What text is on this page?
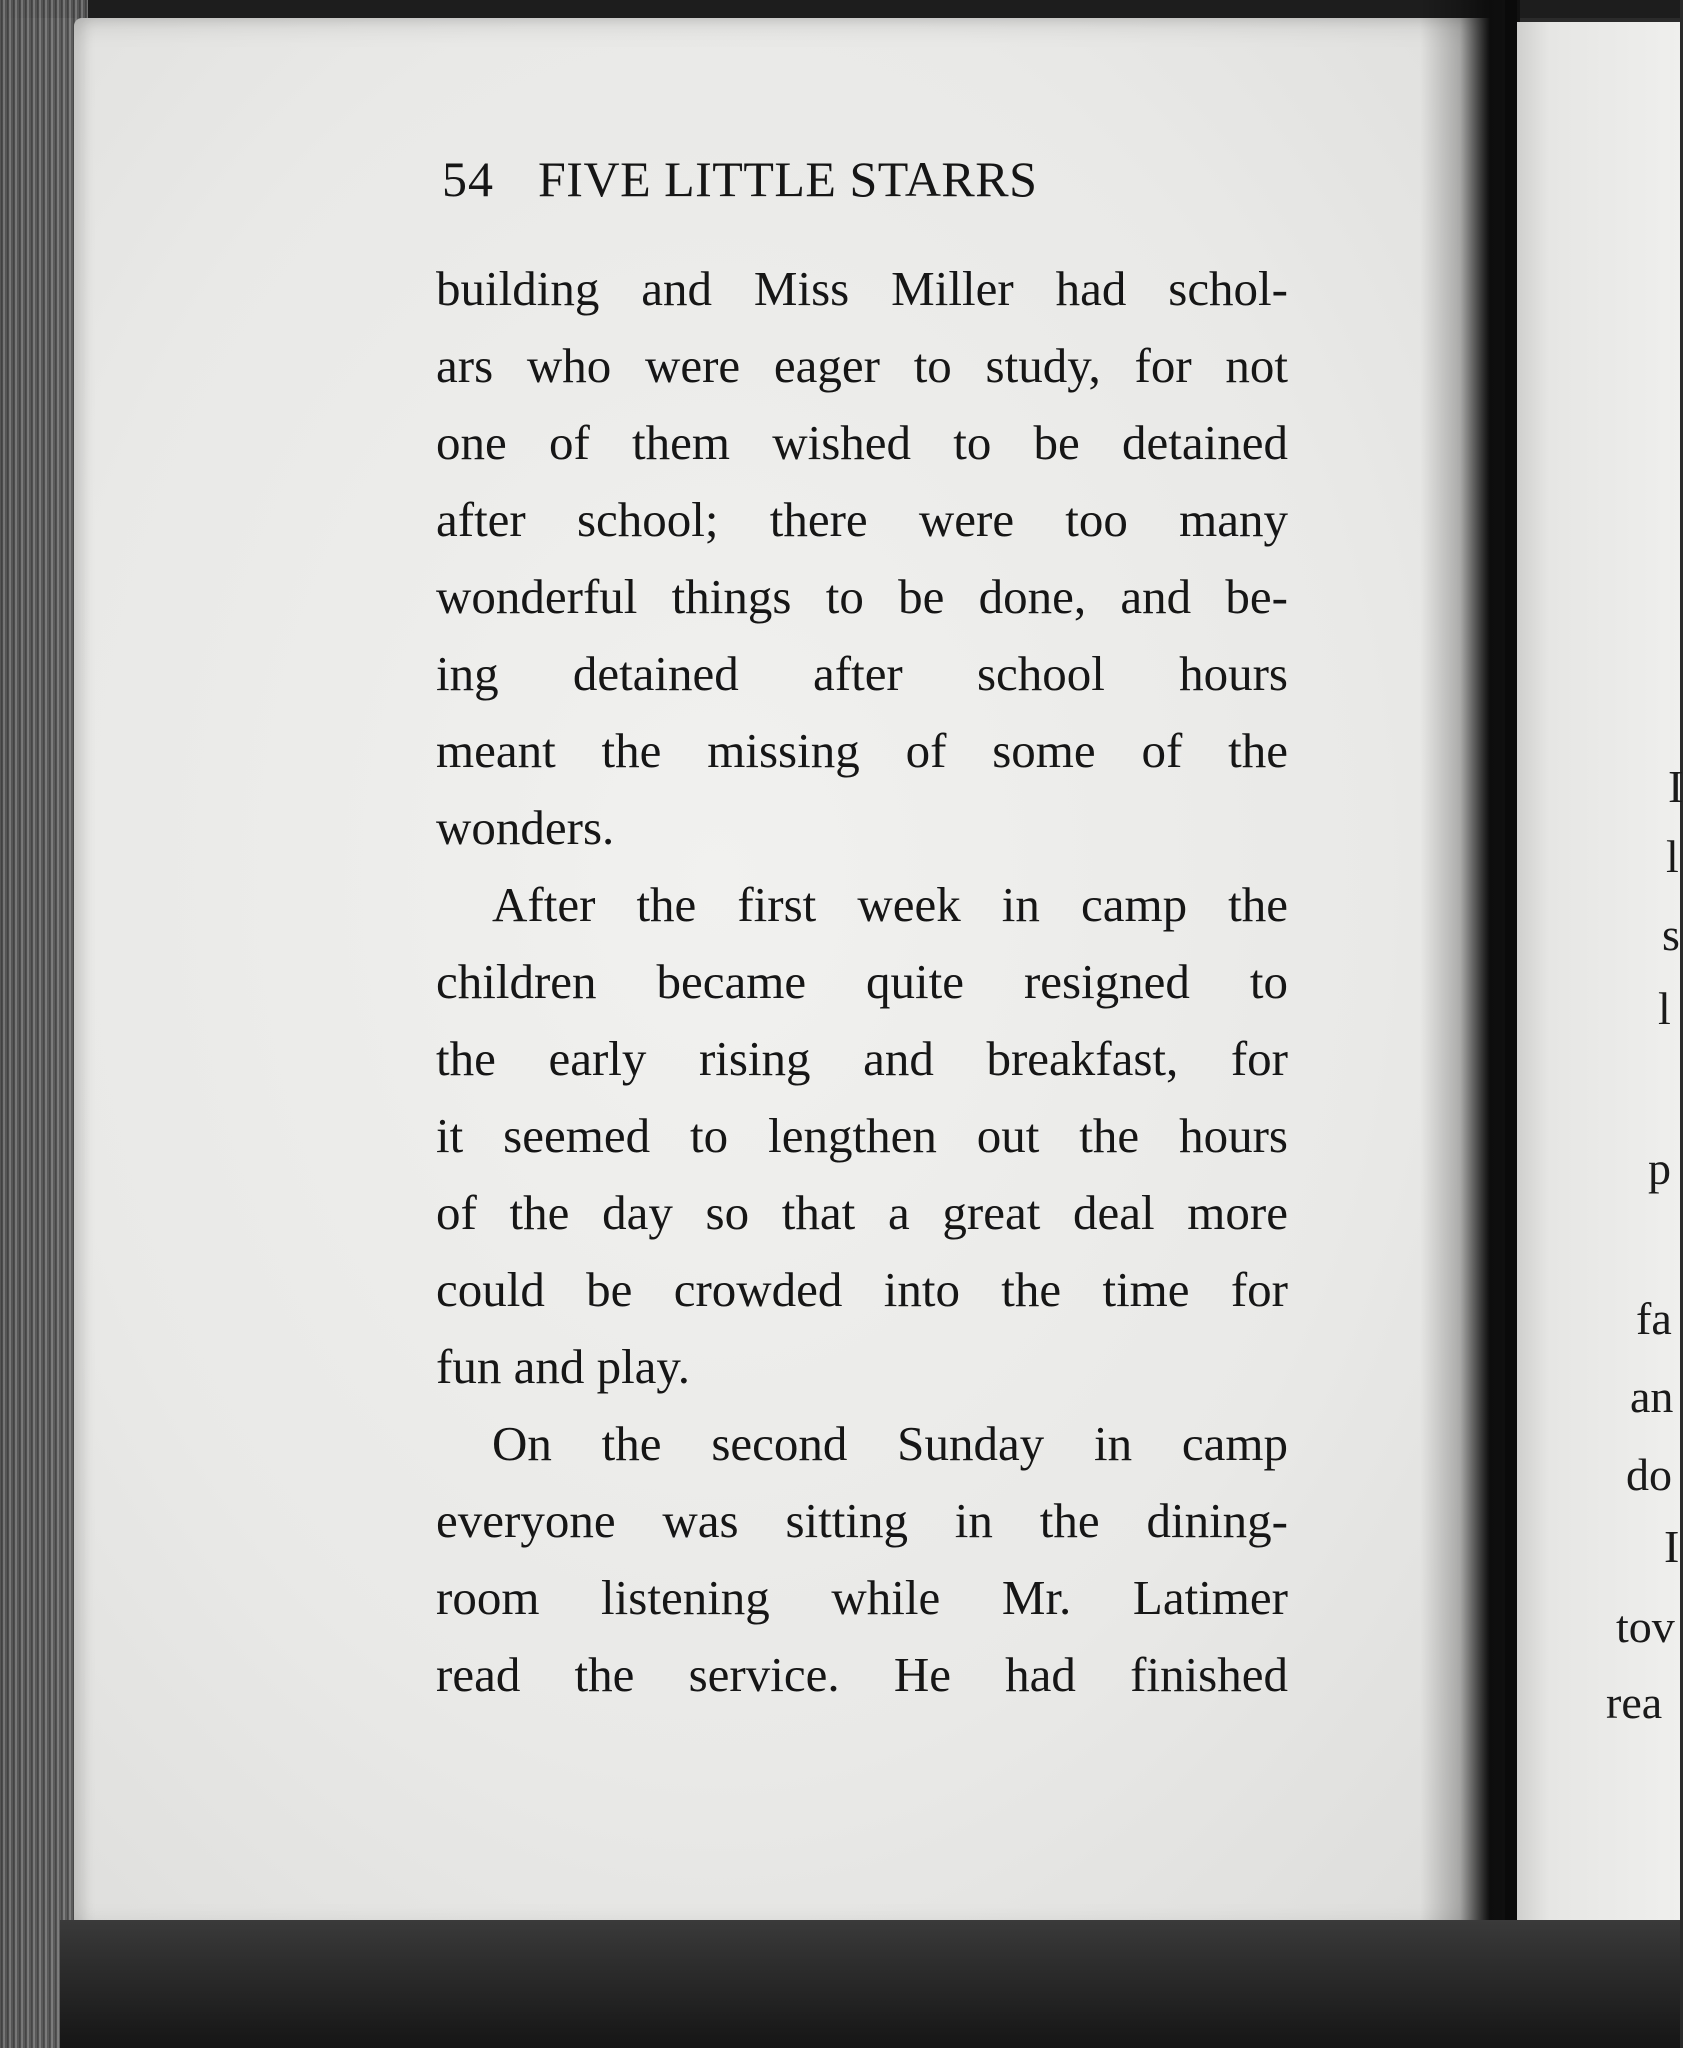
54 FIVE LITTLE STARRS
building and Miss Miller had schol-
ars who were eager to study, for not
one of them wished to be detained
after school; there were too many
wonderful things to be done, and be-
ing detained after school hours
meant the missing of some of the
wonders.
After the first week in camp the
children became quite resigned to
the early rising and breakfast, for
it seemed to lengthen out the hours
of the day so that a great deal more
could be crowded into the time for
fun and play.
On the second Sunday in camp
everyone was sitting in the dining-
room listening while Mr. Latimer
read the service. He had finished
I
l
s
l
p
fa
an
do
I
tov
rea
